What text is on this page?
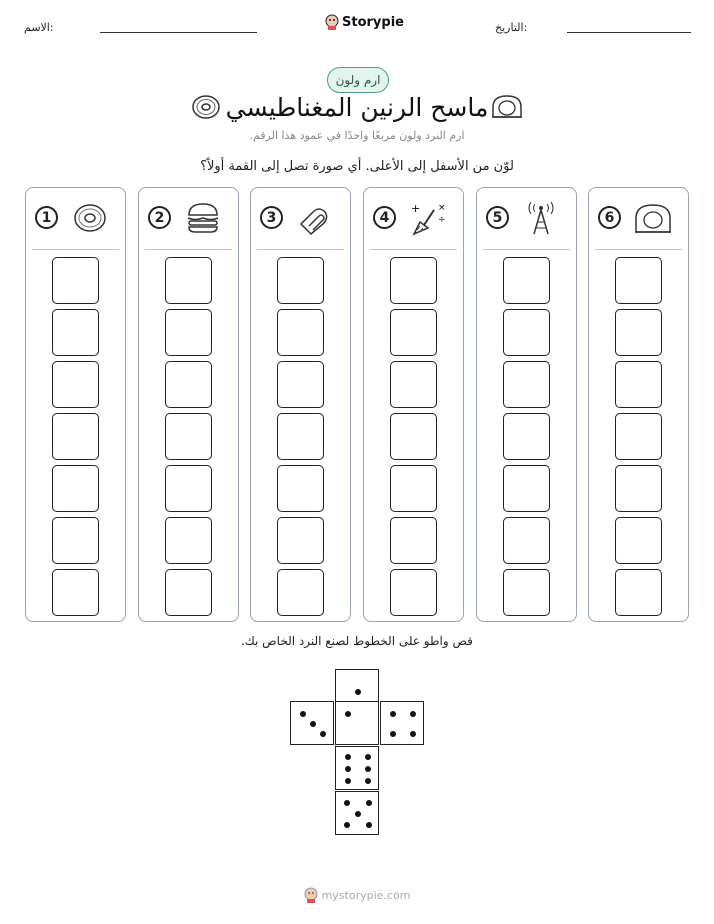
الاسم:	Storypie	التاريخ:
ارم ولون
ماسح الرنين المغناطيسي
ارم النرد ولون مربعًا واحدًا في عمود هذا الرقم.
لوّن من الأسفل إلى الأعلى. أي صورة تصل إلى القمة أولاً؟
1	2	3	4
+ ×
÷	5	6
قص واطو على الخطوط لصنع النرد الخاص بك.
mystorypie.com
